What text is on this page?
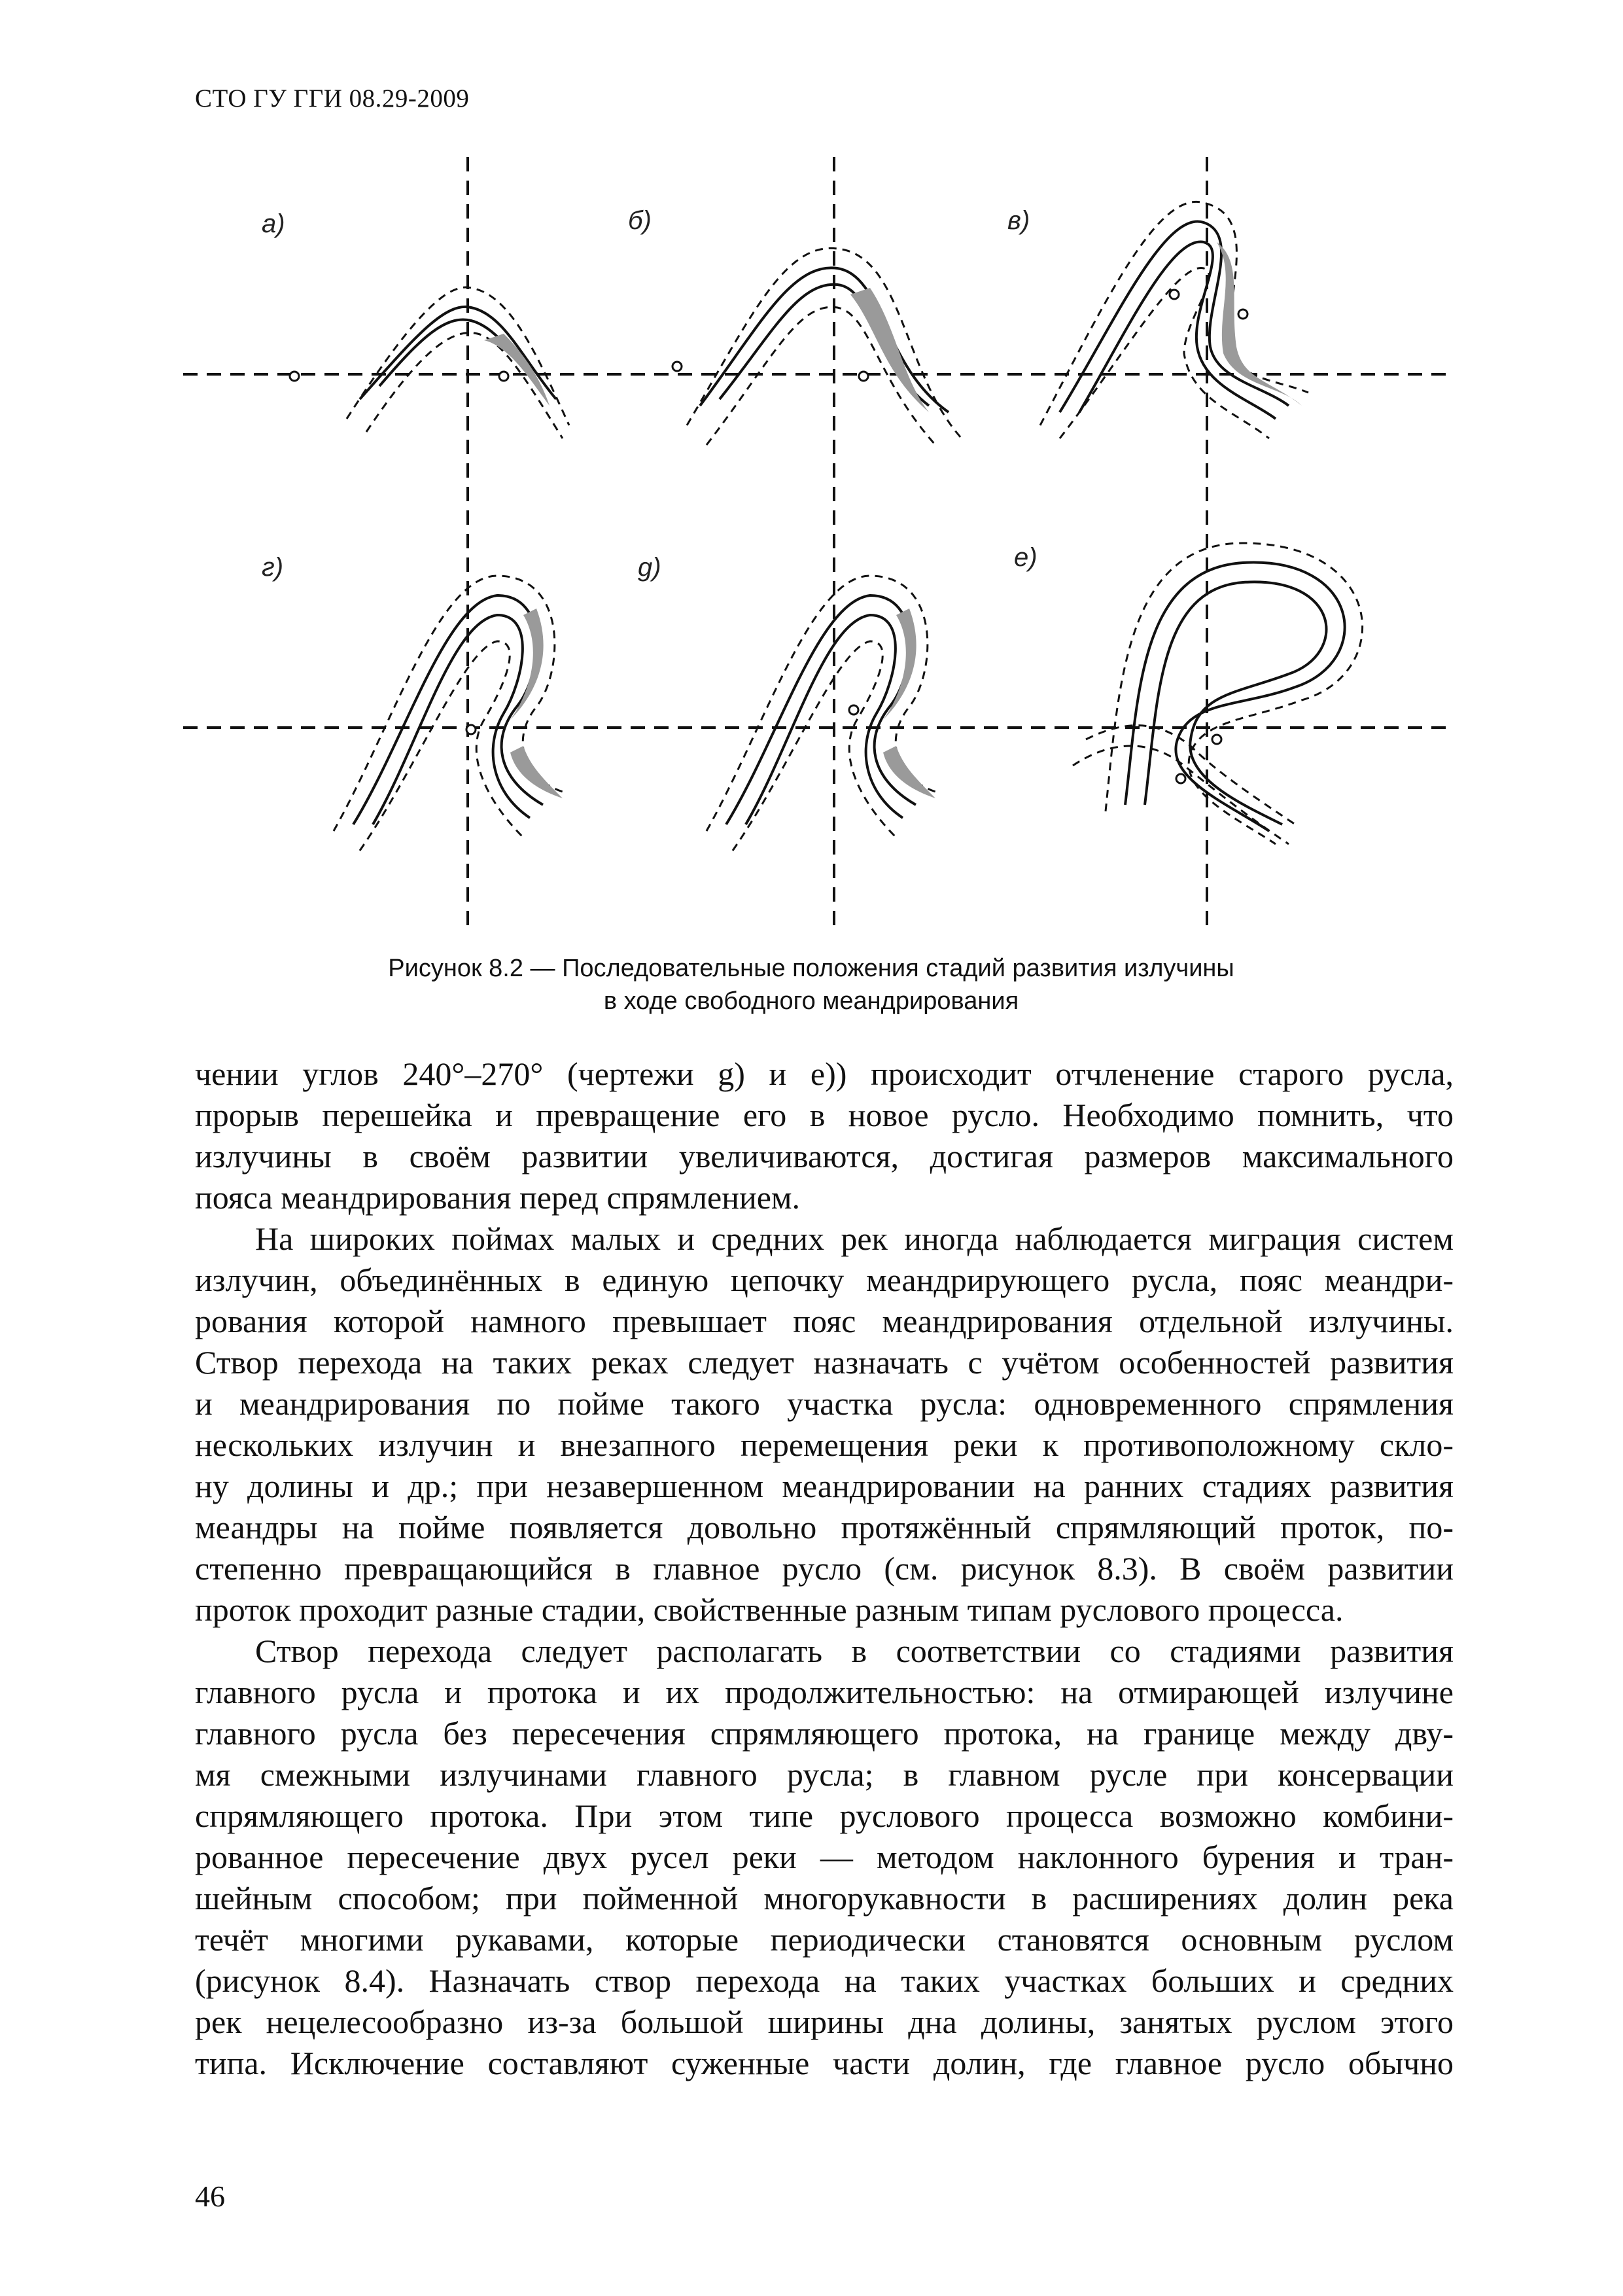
СТО ГУ ГГИ 08.29-2009
а)	б)	в)
г)	g)	е)
Рисунок 8.2 — Последовательные положения стадий развития излучины
в ходе свободного меандрирования
чении углов 240°–270° (чертежи g) и е)) происходит отчленение старого русла,
прорыв перешейка и превращение его в новое русло. Необходимо помнить, что
излучины в своём развитии увеличиваются, достигая размеров максимального
пояса меандрирования перед спрямлением.
На широких поймах малых и средних рек иногда наблюдается миграция систем
излучин, объединённых в единую цепочку меандрирующего русла, пояс меандри-
рования которой намного превышает пояс меандрирования отдельной излучины.
Створ перехода на таких реках следует назначать с учётом особенностей развития
и меандрирования по пойме такого участка русла: одновременного спрямления
нескольких излучин и внезапного перемещения реки к противоположному скло-
ну долины и др.; при незавершенном меандрировании на ранних стадиях развития
меандры на пойме появляется довольно протяжённый спрямляющий проток, по-
степенно превращающийся в главное русло (см. рисунок 8.3). В своём развитии
проток проходит разные стадии, свойственные разным типам руслового процесса.
Створ перехода следует располагать в соответствии со стадиями развития
главного русла и протока и их продолжительностью: на отмирающей излучине
главного русла без пересечения спрямляющего протока, на границе между дву-
мя смежными излучинами главного русла; в главном русле при консервации
спрямляющего протока. При этом типе руслового процесса возможно комбини-
рованное пересечение двух русел реки — методом наклонного бурения и тран-
шейным способом; при пойменной многорукавности в расширениях долин река
течёт многими рукавами, которые периодически становятся основным руслом
(рисунок 8.4). Назначать створ перехода на таких участках больших и средних
рек нецелесообразно из-за большой ширины дна долины, занятых руслом этого
типа. Исключение составляют суженные части долин, где главное русло обычно
46
